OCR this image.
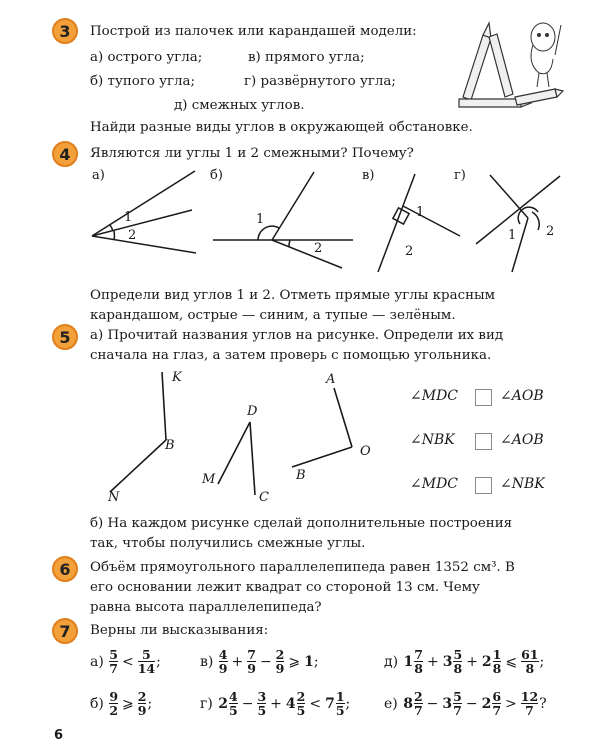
3 Построй из палочек или карандашей модели:
а) острого угла;	в) прямого угла;
б) тупого угла;	г) развёрнутого угла;
д) смежных углов.
Найди разные виды углов в окружающей обстановке.
4 Являются ли углы 1 и 2 смежными? Почему?
а)	б)	в)	г)
1
2
1
2
1
2
1 2
Определи вид углов 1 и 2. Отметь прямые углы красным
карандашом, острые — синим, а тупые — зелёным.
5 а) Прочитай названия углов на рисунке. Определи их вид
сначала на глаз, а затем проверь с помощью угольника.
K
B
N
D
M
C
A
O
B
∠MDC	∠AOB
∠NBK	∠AOB
∠MDC	∠NBK
б) На каждом рисунке сделай дополнительные построения
так, чтобы получились смежные углы.
6 Объём прямоугольного параллелепипеда равен 1352 см³. В
его основании лежит квадрат со стороной 13 см. Чему
равна высота параллелепипеда?
7 Верны ли высказывания:
а)
$\frac{5}{7} < \frac{5}{14}$ ;	в)
$\frac{4}{9} + \frac{7}{9} - \frac{2}{9}$ ⩾ 1 ;	д)
$1 \frac{7}{8} + 3 \frac{5}{8} + 2 \frac{1}{8}$ ⩽ $\frac{61}{8}$ ;
б)
$\frac{9}{2}$ ⩾ $\frac{2}{9}$ ;	г)
$2 \frac{4}{5} - \frac{3}{5} + 4 \frac{2}{5} < 7 \frac{1}{5}$ ; е)
$8 \frac{2}{7} - 3 \frac{5}{7} - 2 \frac{6}{7} > \frac{12}{7}$ ?
6
